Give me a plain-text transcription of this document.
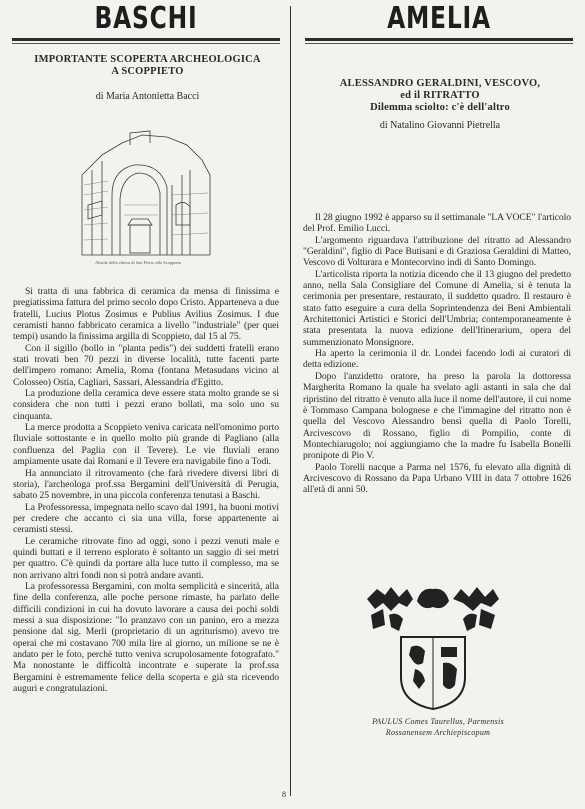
BASCHI
IMPORTANTE SCOPERTA ARCHEOLOGICA
A SCOPPIETO
di Maria Antonietta Bacci
Abside della chiesa di San Pietro alla Scoppieto

Si tratta di una fabbrica di ceramica da mensa di finissima e pregiatissima fattura del primo secolo dopo Cristo. Apparteneva a due fratelli, Lucius Plotus Zosimus e Publius Avilius Zosimus. I due ceramisti hanno fabbricato ceramica a livello "industriale" (per quei tempi) usando la finissima argilla di Scoppieto, dal 15 al 75.

Con il sigillo (bollo in "planta pedis") dei suddetti fratelli erano stati trovati ben 70 pezzi in diverse località, tutte facenti parte dell'impero romano: Amelia, Roma (fontana Metasudans vicino al Colosseo) Ostia, Cagliari, Sassari, Alessandria d'Egitto.

La produzione della ceramica deve essere stata molto grande se si considera che non tutti i pezzi erano bollati, ma solo uno su cinquanta.

La merce prodotta a Scoppieto veniva caricata nell'omonimo porto fluviale sottostante e in quello molto più grande di Pagliano (alla confluenza del Paglia con il Tevere). Le vie fluviali erano ampiamente usate dai Romani e il Tevere era navigabile fino a Todi.

Ha annunciato il ritrovamento (che farà rivedere diversi libri di storia), l'archeologa prof.ssa Bergamini dell'Università di Perugia, sabato 25 novembre, in una piccola conferenza tenutasi a Baschi.

La Professoressa, impegnata nello scavo dal 1991, ha buoni motivi per credere che accanto ci sia una villa, forse appartenente ai ceramisti stessi.

Le ceramiche ritrovate fino ad oggi, sono i pezzi venuti male e quindi buttati e il terreno esplorato è soltanto un saggio di sei metri per quattro. C'è quindi da portare alla luce tutto il complesso, ma se non arrivano altri fondi non si potrà andare avanti.

La professoressa Bergamini, con molta semplicità e sincerità, alla fine della conferenza, alle poche persone rimaste, ha parlato delle difficili condizioni in cui ha dovuto lavorare a causa dei pochi soldi messi a sua disposizione: "Io pranzavo con un panino, ero a mezza pensione dal sig. Merli (proprietario di un agriturismo) avevo tre operai che mi costavano 700 mila lire al giorno, un milione se ne è andato per le foto, perchè tutto veniva scrupolosamente fotografato." Ma nonostante le difficoltà incontrate e superate la prof.ssa Bergamini è estremamente felice della scoperta e già sta ricevendo auguri e congratulazioni.

AMELIA
ALESSANDRO GERALDINI, VESCOVO,
ed il RITRATTO
Dilemma sciolto: c'è dell'altro
di Natalino Giovanni Pietrella

Il 28 giugno 1992 è apparso su il settimanale "LA VOCE" l'articolo del Prof. Emilio Lucci.

L'argomento riguardava l'attribuzione del ritratto ad Alessandro "Geraldini", figlio di Pace Butisani e di Graziosa Geraldini di Matteo, Vescovo di Volturara e Montecorvino indi di Santo Domingo.

L'articolista riporta la notizia dicendo che il 13 giugno del predetto anno, nella Sala Consigliare del Comune di Amelia, si è tenuta la cerimonia per presentare, restaurato, il suddetto quadro. Il restauro è stato fatto eseguire a cura della Soprintendenza dei Beni Ambientali Architettonici Artistici e Storici dell'Umbria; contemporaneamente è stata presentata la nuova edizione dell'Itinerarium, opera del summenzionato Monsignore.

Ha aperto la cerimonia il dr. Londei facendo lodi ai curatori di detta edizione.

Dopo l'anzidetto oratore, ha preso la parola la dottoressa Margherita Romano la quale ha svelato agli astanti in sala che dal ripristino del ritratto è venuto alla luce il nome dell'autore, il cui nome è Tommaso Campana bolognese e che l'immagine del ritratto non è quella del Vescovo Alessandro bensì quella di Paolo Torelli, Arcivescovo di Rossano, figlio di Pompilio, conte di Montechiarugolo; noi aggiungiamo che la madre fu Isabella Bonelli pronipote di Pio V.

Paolo Torelli nacque a Parma nel 1576, fu elevato alla dignità di Arcivescovo di Rossano da Papa Urbano VIII in data 7 ottobre 1626 all'età di anni 50.

PAULUS Comes Taurellus, Parmensis
Rossanensem Archiepiscopum
8
